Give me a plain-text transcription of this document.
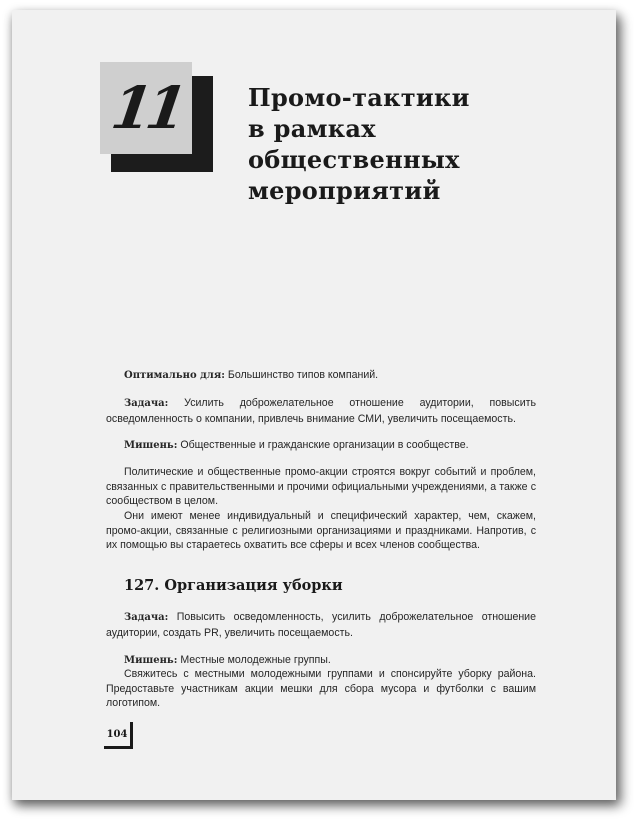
11	Промо-тактики
в рамках
общественных
мероприятий
Оптимально для: Большинство типов компаний.
Задача: Усилить доброжелательное отношение аудитории, повысить осведомленность о компании, привлечь внимание СМИ, увеличить посещаемость.
Мишень: Общественные и гражданские организации в сообществе.
Политические и общественные промо-акции строятся вокруг событий и проблем, связанных с правительственными и прочими официальными учреждениями, а также с сообществом в целом.
Они имеют менее индивидуальный и специфический характер, чем, скажем, промо-акции, связанные с религиозными организациями и праздниками. Напротив, с их помощью вы стараетесь охватить все сферы и всех членов сообщества.
127. Организация уборки
Задача: Повысить осведомленность, усилить доброжелательное отношение аудитории, создать PR, увеличить посещаемость.
Мишень: Местные молодежные группы.
Свяжитесь с местными молодежными группами и спонсируйте уборку района. Предоставьте участникам акции мешки для сбора мусора и футболки с вашим логотипом.
104
